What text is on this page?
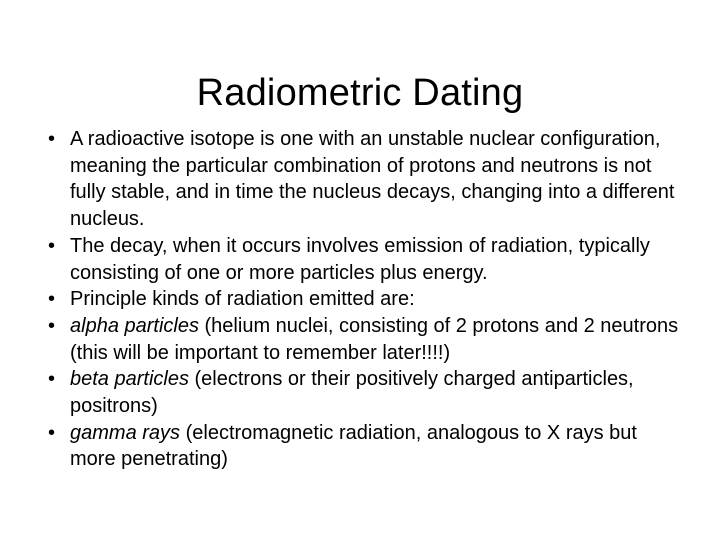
Radiometric Dating
• A radioactive isotope is one with an unstable nuclear configuration, meaning the particular combination of protons and neutrons is not fully stable, and in time the nucleus decays, changing into a different nucleus.
• The decay, when it occurs involves emission of radiation, typically consisting of one or more particles plus energy.
• Principle kinds of radiation emitted are:
• alpha particles (helium nuclei, consisting of 2 protons and 2 neutrons (this will be important to remember later!!!!)
• beta particles (electrons or their positively charged antiparticles, positrons)
• gamma rays (electromagnetic radiation, analogous to X rays but more penetrating)
